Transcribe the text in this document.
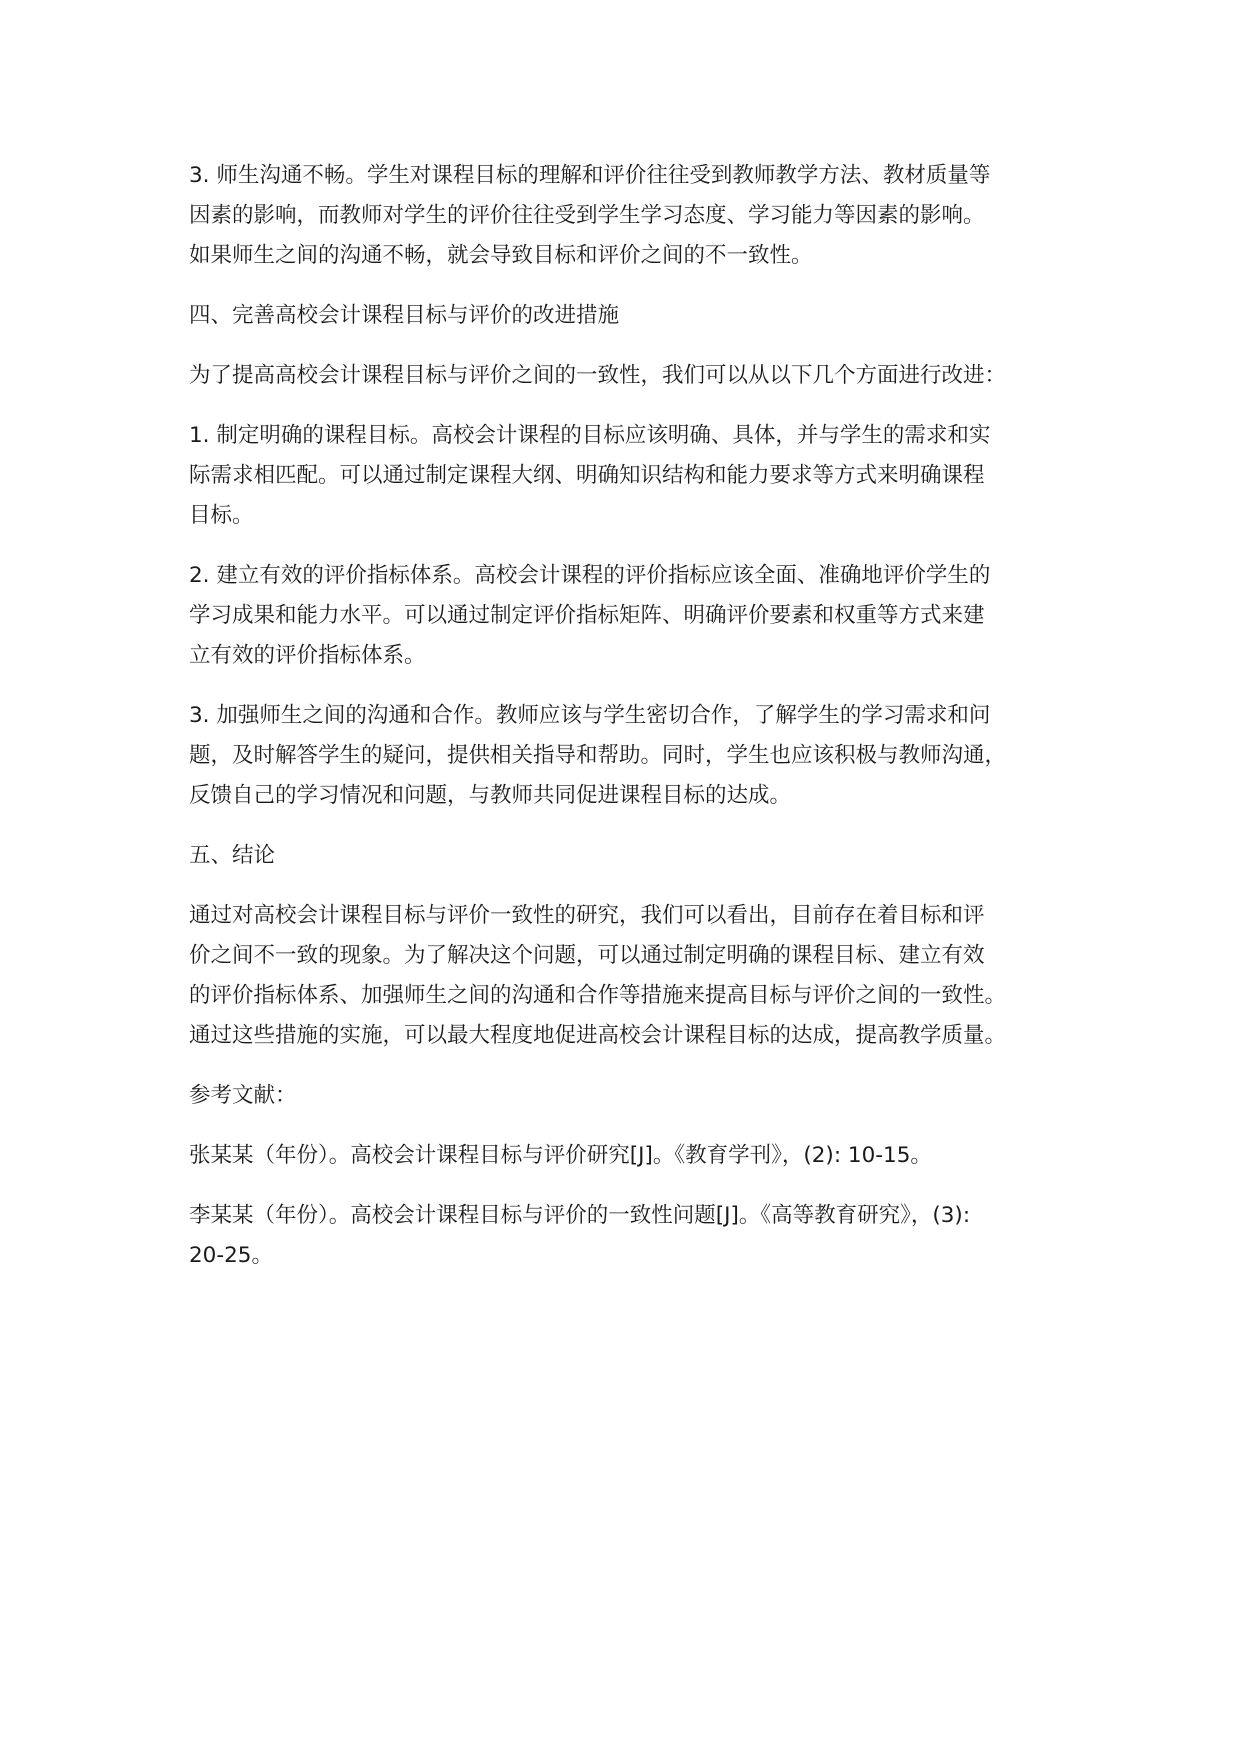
3. 师生沟通不畅。学生对课程目标的理解和评价往往受到教师教学方法、教材质量等
因素的影响，而教师对学生的评价往往受到学生学习态度、学习能力等因素的影响。
如果师生之间的沟通不畅，就会导致目标和评价之间的不一致性。

四、完善高校会计课程目标与评价的改进措施

为了提高高校会计课程目标与评价之间的一致性，我们可以从以下几个方面进行改进：

1. 制定明确的课程目标。高校会计课程的目标应该明确、具体，并与学生的需求和实
际需求相匹配。可以通过制定课程大纲、明确知识结构和能力要求等方式来明确课程
目标。

2. 建立有效的评价指标体系。高校会计课程的评价指标应该全面、准确地评价学生的
学习成果和能力水平。可以通过制定评价指标矩阵、明确评价要素和权重等方式来建
立有效的评价指标体系。

3. 加强师生之间的沟通和合作。教师应该与学生密切合作，了解学生的学习需求和问
题，及时解答学生的疑问，提供相关指导和帮助。同时，学生也应该积极与教师沟通，
反馈自己的学习情况和问题，与教师共同促进课程目标的达成。

五、结论

通过对高校会计课程目标与评价一致性的研究，我们可以看出，目前存在着目标和评
价之间不一致的现象。为了解决这个问题，可以通过制定明确的课程目标、建立有效
的评价指标体系、加强师生之间的沟通和合作等措施来提高目标与评价之间的一致性。
通过这些措施的实施，可以最大程度地促进高校会计课程目标的达成，提高教学质量。

参考文献：

张某某（年份）。高校会计课程目标与评价研究[J]。《教育学刊》，(2): 10-15。

李某某（年份）。高校会计课程目标与评价的一致性问题[J]。《高等教育研究》，(3):
20-25。
